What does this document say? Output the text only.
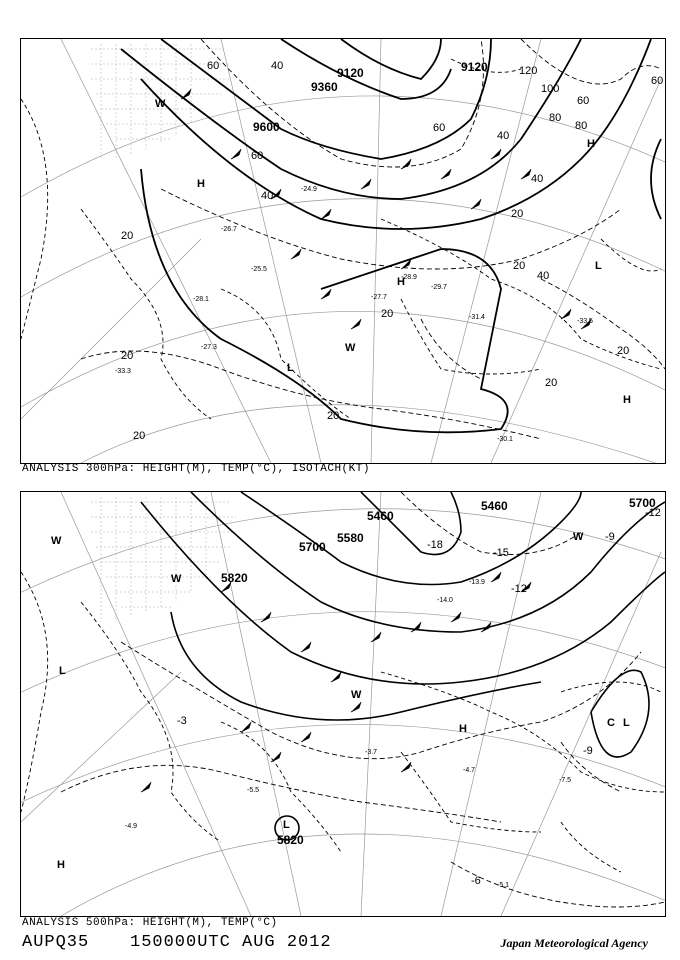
9120
9120
9360
9600
20
20
20
20
20
20
20
20
20
40
40
40
40
40
60
60
60
60
60
80
80
100
120
-29.7
-28.9
-27.3
-27.7
-30.1
-31.4
-33.5
-33.3
-26.7
-25.5
-28.1
-24.9
H
H
H
H
L
L
W
W
ANALYSIS 300hPa: HEIGHT(M), TEMP(°C), ISOTACH(KT)
5460
5460
5580
5700
5700
5820
5820
-3
-6
-9
-9
-12
-15
-18
-12
-5.1
-4.7
-7.5
-13.9
-14.0
-3.7
-5.5
-4.9
H
H
L
L
L
W
W
W
W
C
ANALYSIS 500hPa: HEIGHT(M), TEMP(°C)
AUPQ35 150000UTC AUG 2012	Japan Meteorological Agency
